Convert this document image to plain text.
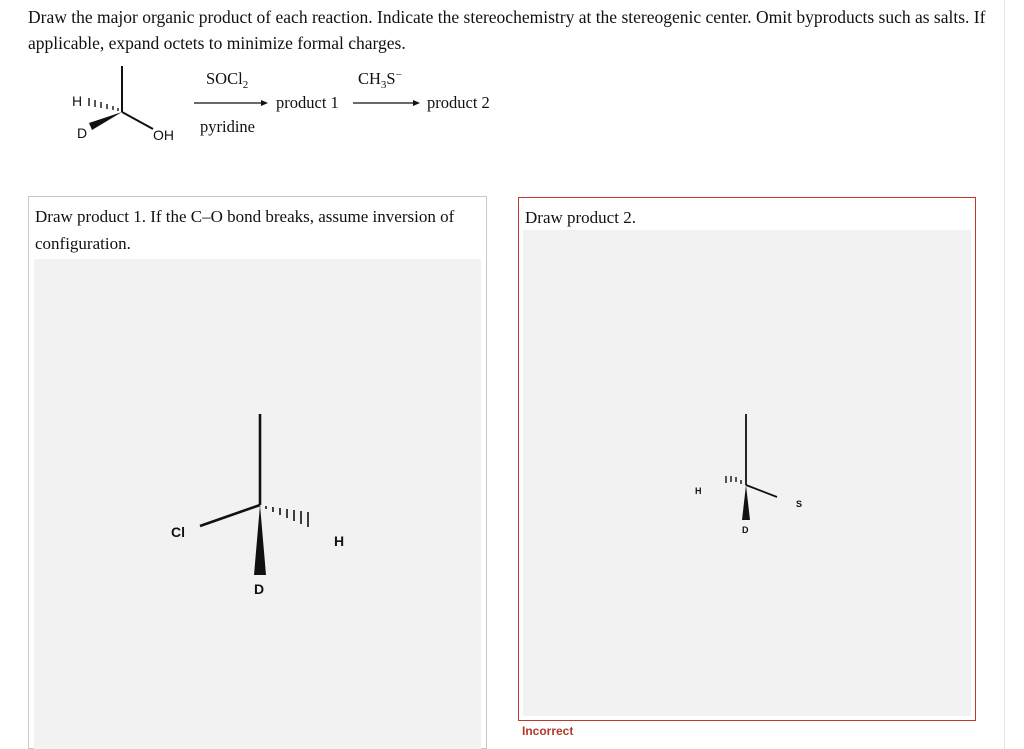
Draw the major organic product of each reaction. Indicate the stereochemistry at the stereogenic center. Omit byproducts such as salts. If applicable, expand octets to minimize formal charges.

H
D	OH
SOCl$_2$
pyridine
product 1
$CH_3S^-$
product 2

Draw product 1. If the C–O bond breaks, assume inversion of configuration.

Cl
H
D

Draw product 2.

H
S
D
Incorrect
